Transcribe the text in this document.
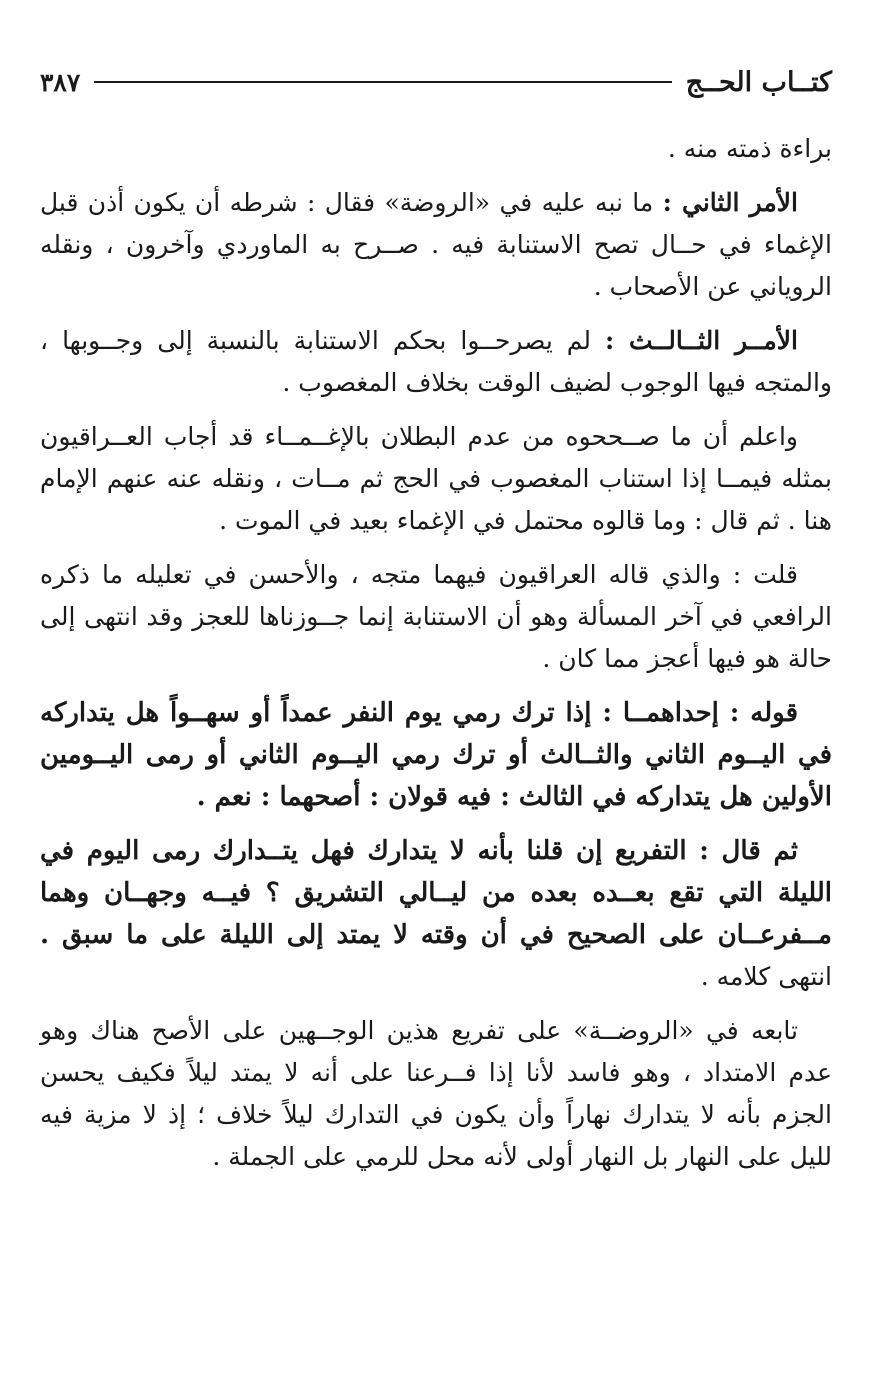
كتــاب الحــج
٣٨٧

براءة ذمته منه .

الأمر الثاني : ما نبه عليه في «الروضة» فقال : شرطه أن يكون أذن قبل الإغماء في حــال تصح الاستنابة فيه . صــرح به الماوردي وآخرون ، ونقله الروياني عن الأصحاب .

الأمــر الثــالــث : لم يصرحــوا بحكم الاستنابة بالنسبة إلى وجــوبها ، والمتجه فيها الوجوب لضيف الوقت بخلاف المغصوب .

واعلم أن ما صــححوه من عدم البطلان بالإغــمــاء قد أجاب العــراقيون بمثله فيمــا إذا استناب المغصوب في الحج ثم مــات ، ونقله عنه عنهم الإمام هنا . ثم قال : وما قالوه محتمل في الإغماء بعيد في الموت .

قلت : والذي قاله العراقيون فيهما متجه ، والأحسن في تعليله ما ذكره الرافعي في آخر المسألة وهو أن الاستنابة إنما جــوزناها للعجز وقد انتهى إلى حالة هو فيها أعجز مما كان .

قوله : إحداهمــا : إذا ترك رمي يوم النفر عمداً أو سهــواً هل يتداركه في اليــوم الثاني والثــالث أو ترك رمي اليــوم الثاني أو رمى اليــومين الأولين هل يتداركه في الثالث : فيه قولان : أصحهما : نعم .

ثم قال : التفريع إن قلنا بأنه لا يتدارك فهل يتــدارك رمى اليوم في الليلة التي تقع بعــده بعده من ليــالي التشريق ؟ فيــه وجهــان وهما مــفرعــان على الصحيح في أن وقته لا يمتد إلى الليلة على ما سبق . انتهى كلامه .

تابعه في «الروضــة» على تفريع هذين الوجــهين على الأصح هناك وهو عدم الامتداد ، وهو فاسد لأنا إذا فــرعنا على أنه لا يمتد ليلاً فكيف يحسن الجزم بأنه لا يتدارك نهاراً وأن يكون في التدارك ليلاً خلاف ؛ إذ لا مزية فيه لليل على النهار بل النهار أولى لأنه محل للرمي على الجملة .
